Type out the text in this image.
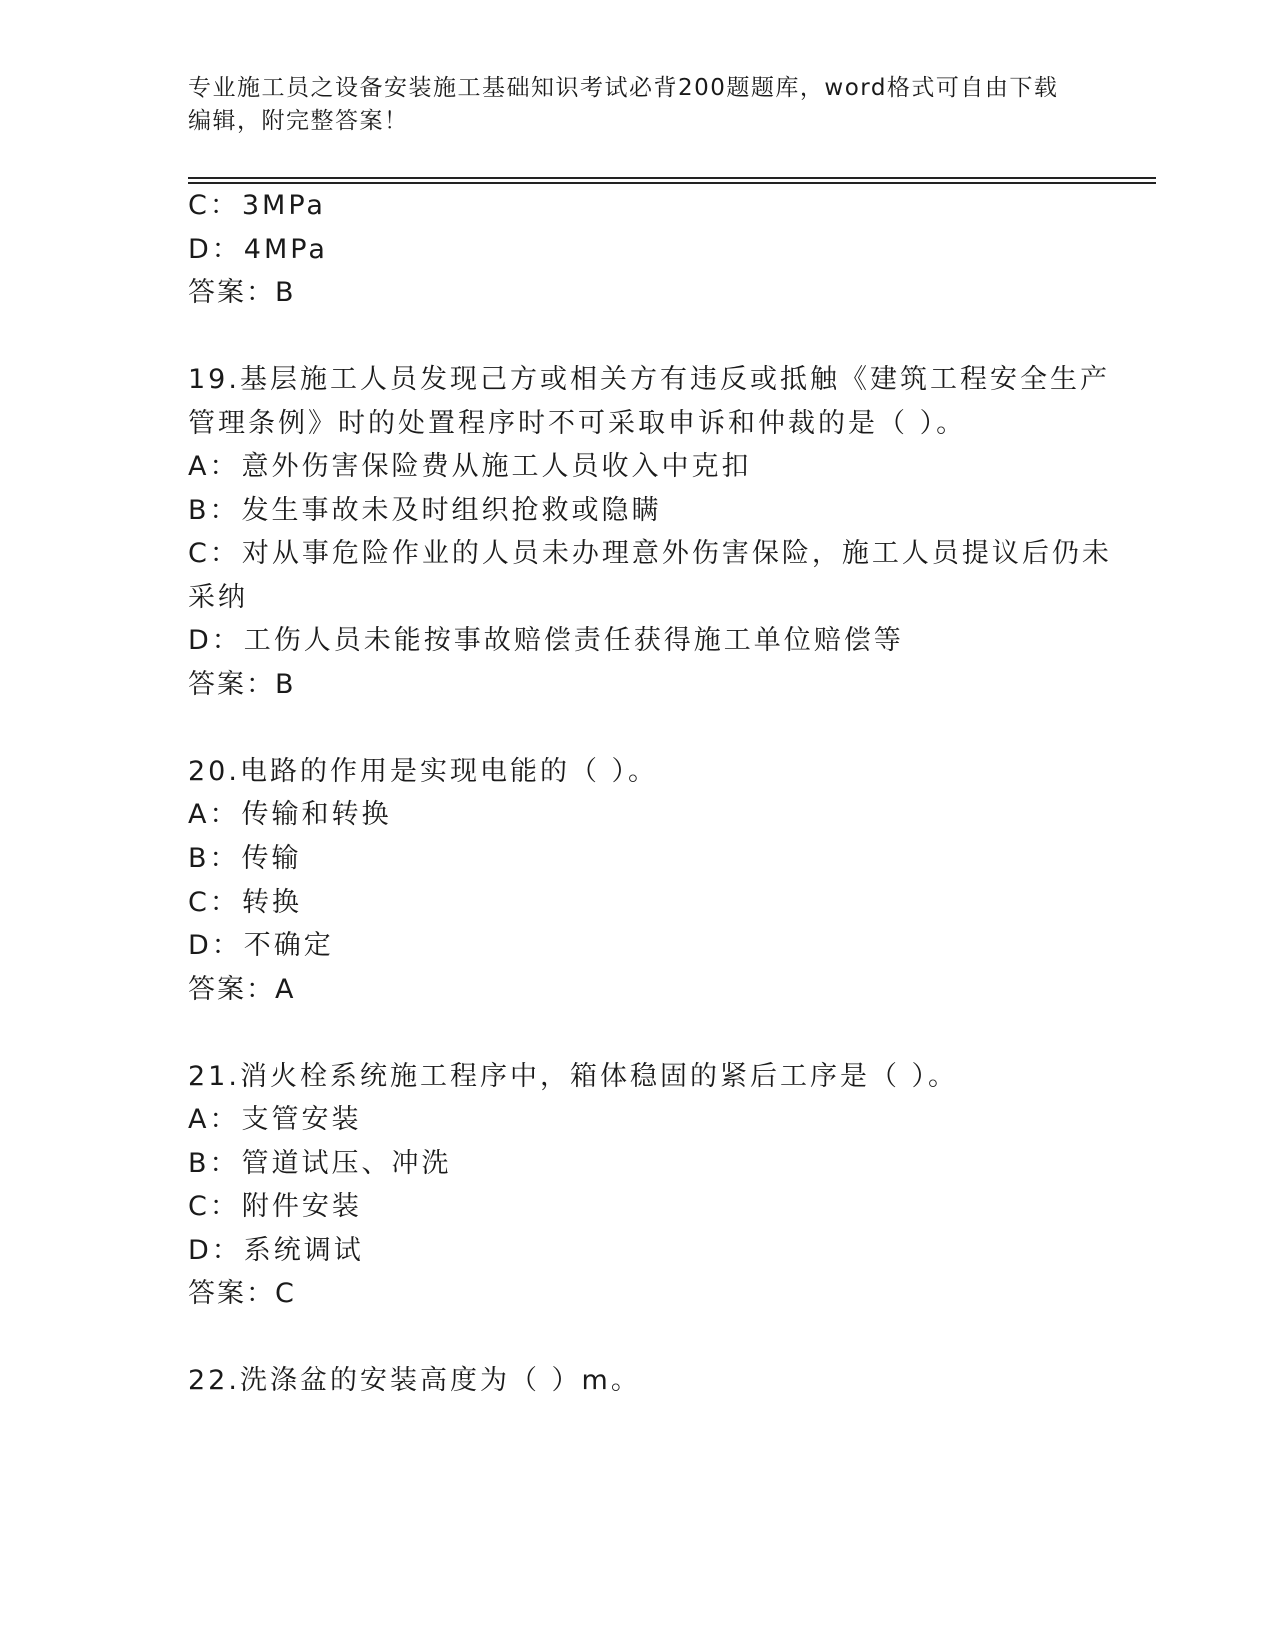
专业施工员之设备安装施工基础知识考试必背200题题库，word格式可自由下载
编辑，附完整答案！
C：3MPa
D：4MPa
答案：B
19.基层施工人员发现己方或相关方有违反或抵触《建筑工程安全生产
管理条例》时的处置程序时不可采取申诉和仲裁的是（ ）。
A：意外伤害保险费从施工人员收入中克扣
B：发生事故未及时组织抢救或隐瞒
C：对从事危险作业的人员未办理意外伤害保险，施工人员提议后仍未
采纳
D：工伤人员未能按事故赔偿责任获得施工单位赔偿等
答案：B
20.电路的作用是实现电能的（ ）。
A：传输和转换
B：传输
C：转换
D：不确定
答案：A
21.消火栓系统施工程序中，箱体稳固的紧后工序是（ ）。
A：支管安装
B：管道试压、冲洗
C：附件安装
D：系统调试
答案：C
22.洗涤盆的安装高度为（ ）m。
